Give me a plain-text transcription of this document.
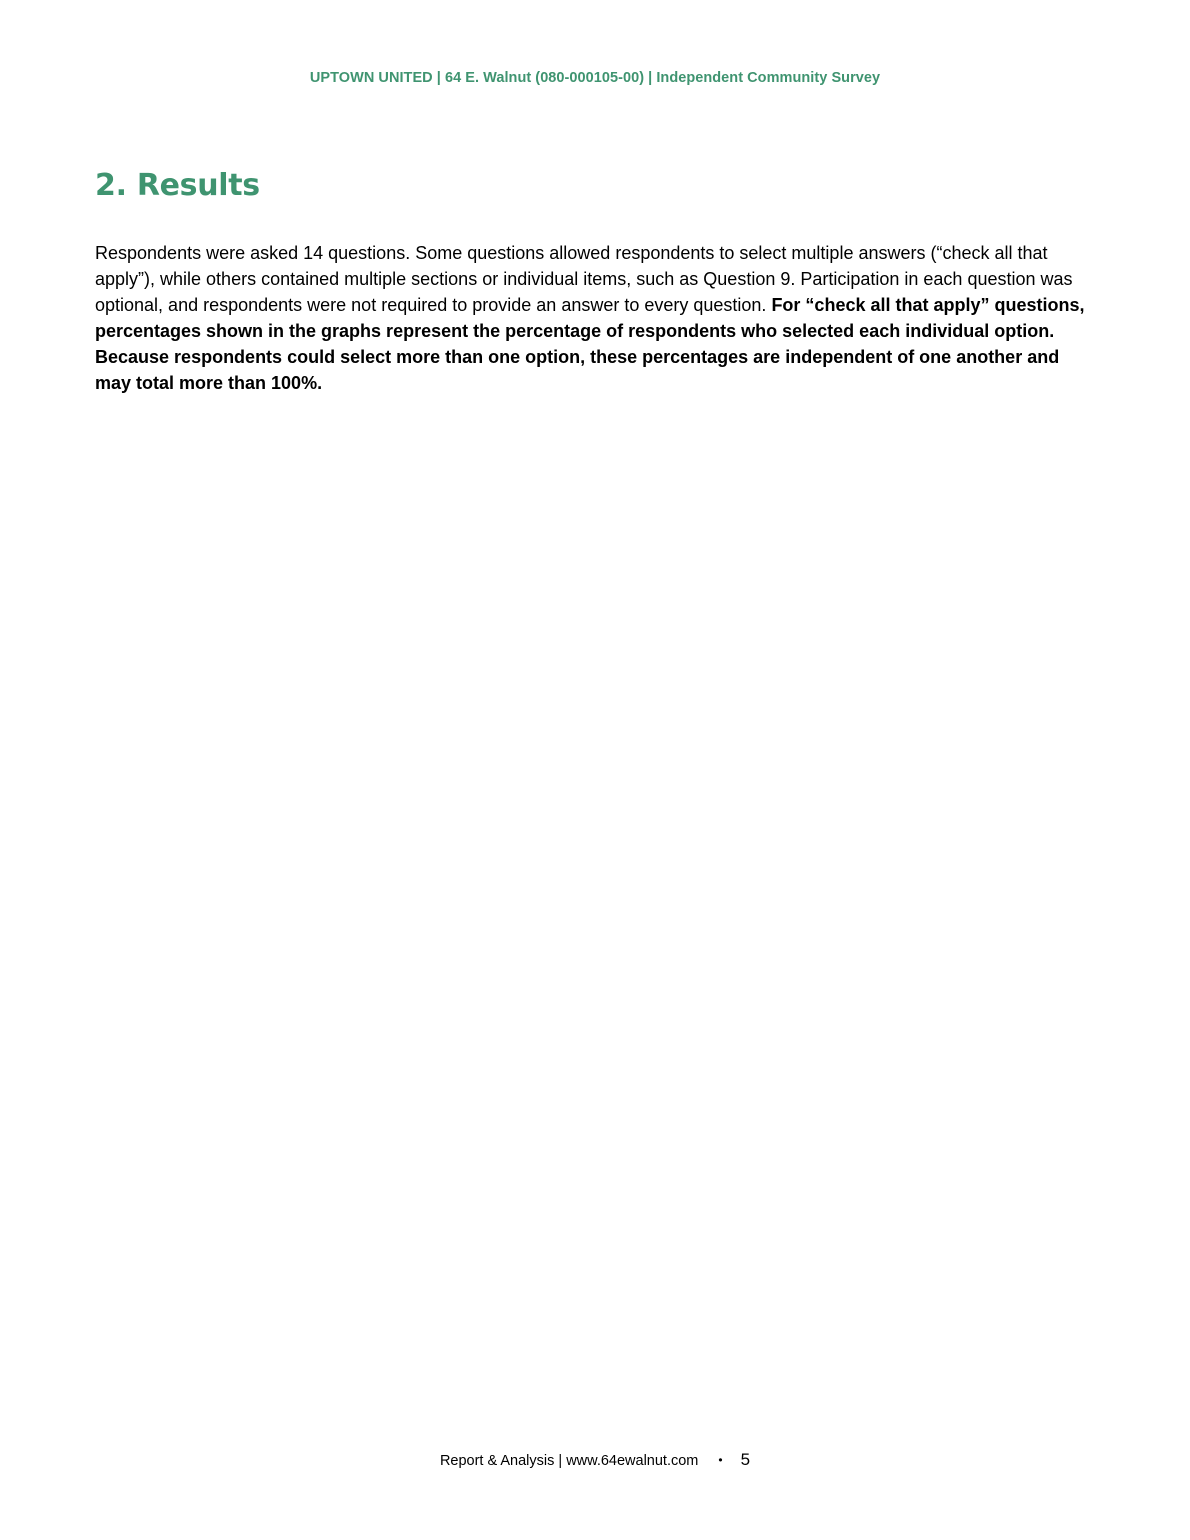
UPTOWN UNITED | 64 E. Walnut (080-000105-00) | Independent Community Survey
2. Results

Respondents were asked 14 questions. Some questions allowed respondents to select multiple answers (“check all that apply”), while others contained multiple sections or individual items, such as Question 9. Participation in each question was optional, and respondents were not required to provide an answer to every question. For “check all that apply” questions, percentages shown in the graphs represent the percentage of respondents who selected each individual option. Because respondents could select more than one option, these percentages are independent of one another and may total more than 100%.

Report & Analysis | www.64ewalnut.com • 5
